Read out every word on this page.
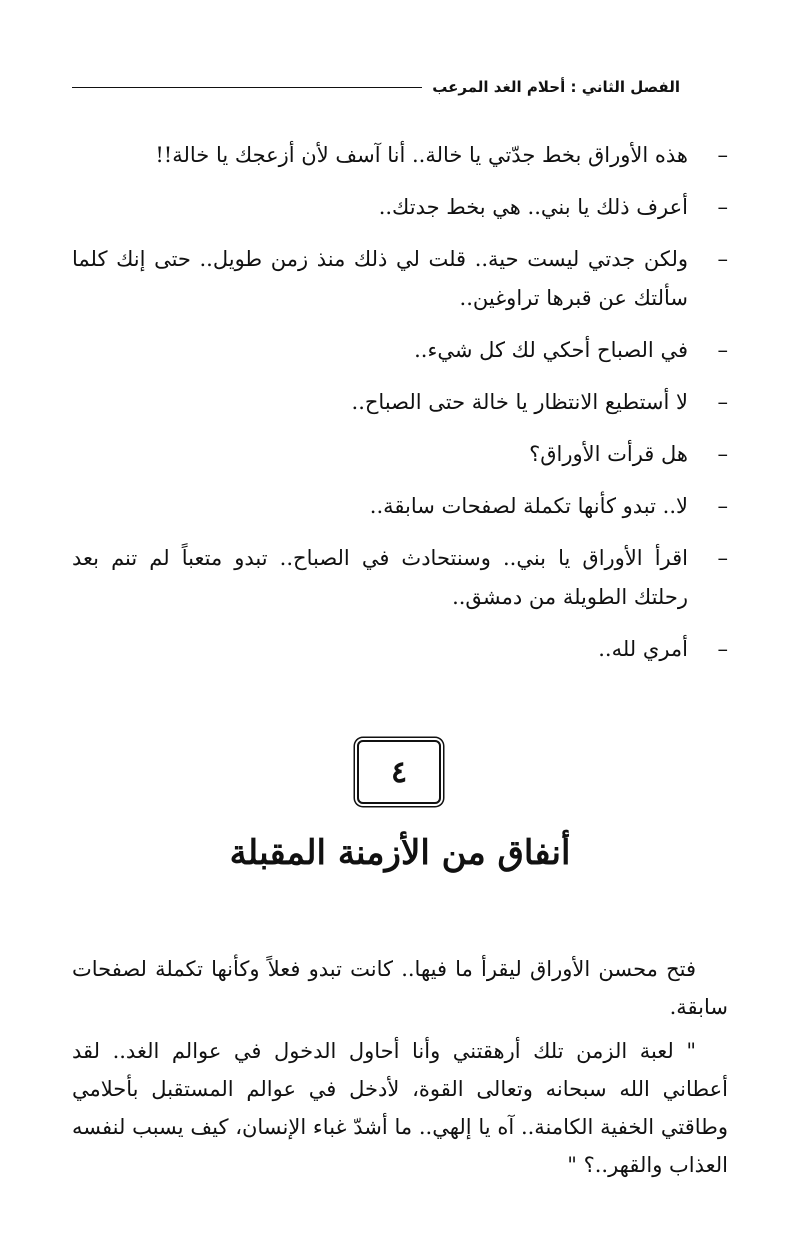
الفصل الثاني : أحلام الغد المرعب
–
هذه الأوراق بخط جدّتي يا خالة.. أنا آسف لأن أزعجك يا خالة!!
–
أعرف ذلك يا بني.. هي بخط جدتك..
–
ولكن جدتي ليست حية.. قلت لي ذلك منذ زمن طويل.. حتى إنك كلما سألتك عن قبرها تراوغين..
–
في الصباح أحكي لك كل شيء..
–
لا أستطيع الانتظار يا خالة حتى الصباح..
–
هل قرأت الأوراق؟
–
لا.. تبدو كأنها تكملة لصفحات سابقة..
–
اقرأ الأوراق يا بني.. وسنتحادث في الصباح.. تبدو متعباً لم تنم بعد رحلتك الطويلة من دمشق..
–
أمري لله..
٤
أنفاق من الأزمنة المقبلة

فتح محسن الأوراق ليقرأ ما فيها.. كانت تبدو فعلاً وكأنها تكملة لصفحات سابقة.

" لعبة الزمن تلك أرهقتني وأنا أحاول الدخول في عوالم الغد.. لقد أعطاني الله سبحانه وتعالى القوة، لأدخل في عوالم المستقبل بأحلامي وطاقتي الخفية الكامنة.. آه يا إلهي.. ما أشدّ غباء الإنسان، كيف يسبب لنفسه العذاب والقهر..؟ "
